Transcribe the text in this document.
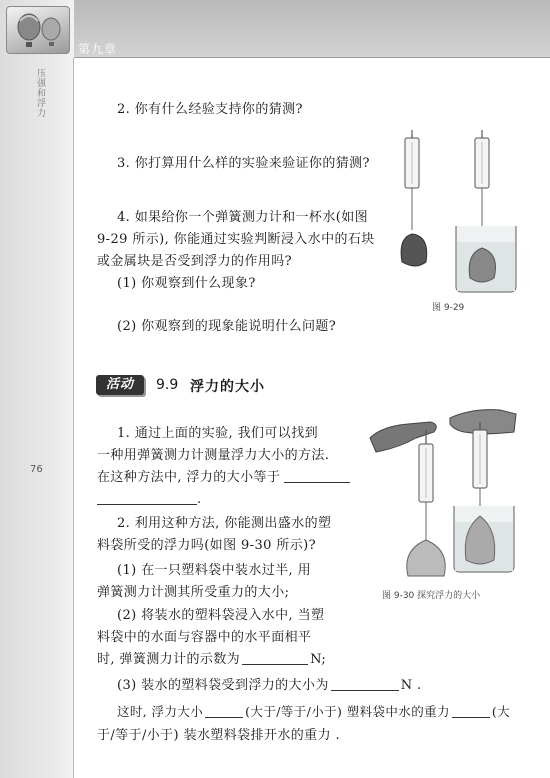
第九章
压强和浮力
76
2. 你有什么经验支持你的猜测?
3. 你打算用什么样的实验来验证你的猜测?
4. 如果给你一个弹簧测力计和一杯水(如图
9-29 所示), 你能通过实验判断浸入水中的石块
或金属块是否受到浮力的作用吗?
(1) 你观察到什么现象?
(2) 你观察到的现象能说明什么问题?
图 9-29
活动	9.9 浮力的大小
1. 通过上面的实验, 我们可以找到
一种用弹簧测力计测量浮力大小的方法.
在这种方法中, 浮力的大小等于
.
2. 利用这种方法, 你能测出盛水的塑
料袋所受的浮力吗(如图 9-30 所示)?
(1) 在一只塑料袋中装水过半, 用
弹簧测力计测其所受重力的大小;
(2) 将装水的塑料袋浸入水中, 当塑
料袋中的水面与容器中的水平面相平
时, 弹簧测力计的示数为	N;
(3) 装水的塑料袋受到浮力的大小为	N .
这时, 浮力大小	(大于/等于/小于) 塑料袋中水的重力	(大
于/等于/小于) 装水塑料袋排开水的重力 .
图 9-30 探究浮力的大小
